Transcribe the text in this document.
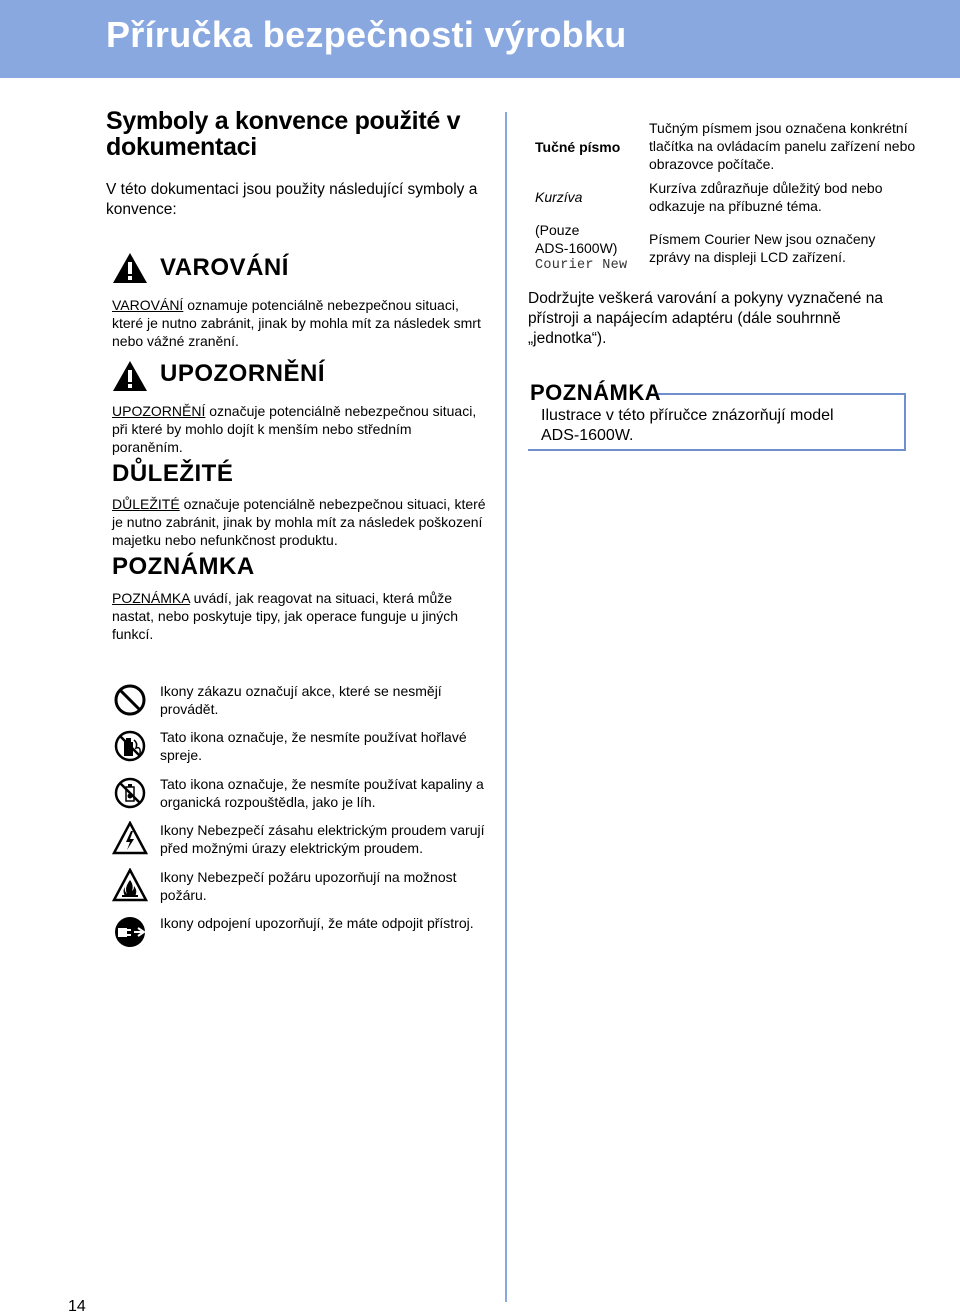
Příručka bezpečnosti výrobku
Symboly a konvence použité v dokumentaci
V této dokumentaci jsou použity následující symboly a konvence:
VAROVÁNÍ
VAROVÁNÍ oznamuje potenciálně nebezpečnou situaci, které je nutno zabránit, jinak by mohla mít za následek smrt nebo vážné zranění.
UPOZORNĚNÍ
UPOZORNĚNÍ označuje potenciálně nebezpečnou situaci, při které by mohlo dojít k menším nebo středním poraněním.
DŮLEŽITÉ
DŮLEŽITÉ označuje potenciálně nebezpečnou situaci, které je nutno zabránit, jinak by mohla mít za následek poškození majetku nebo nefunkčnost produktu.
POZNÁMKA
POZNÁMKA uvádí, jak reagovat na situaci, která může nastat, nebo poskytuje tipy, jak operace funguje u jiných funkcí.
Ikony zákazu označují akce, které se nesmějí provádět.
Tato ikona označuje, že nesmíte používat hořlavé spreje.
Tato ikona označuje, že nesmíte používat kapaliny a organická rozpouštědla, jako je líh.
Ikony Nebezpečí zásahu elektrickým proudem varují před možnými úrazy elektrickým proudem.
Ikony Nebezpečí požáru upozorňují na možnost požáru.
Ikony odpojení upozorňují, že máte odpojit přístroj.
Tučné písmo
Tučným písmem jsou označena konkrétní tlačítka na ovládacím panelu zařízení nebo obrazovce počítače.
Kurzíva
Kurzíva zdůrazňuje důležitý bod nebo odkazuje na příbuzné téma.
(Pouze
ADS-1600W)
Courier New
Písmem Courier New jsou označeny zprávy na displeji LCD zařízení.
Dodržujte veškerá varování a pokyny vyznačené na přístroji a napájecím adaptéru (dále souhrnně „jednotka“).
POZNÁMKA
Ilustrace v této příručce znázorňují model ADS-1600W.
14
